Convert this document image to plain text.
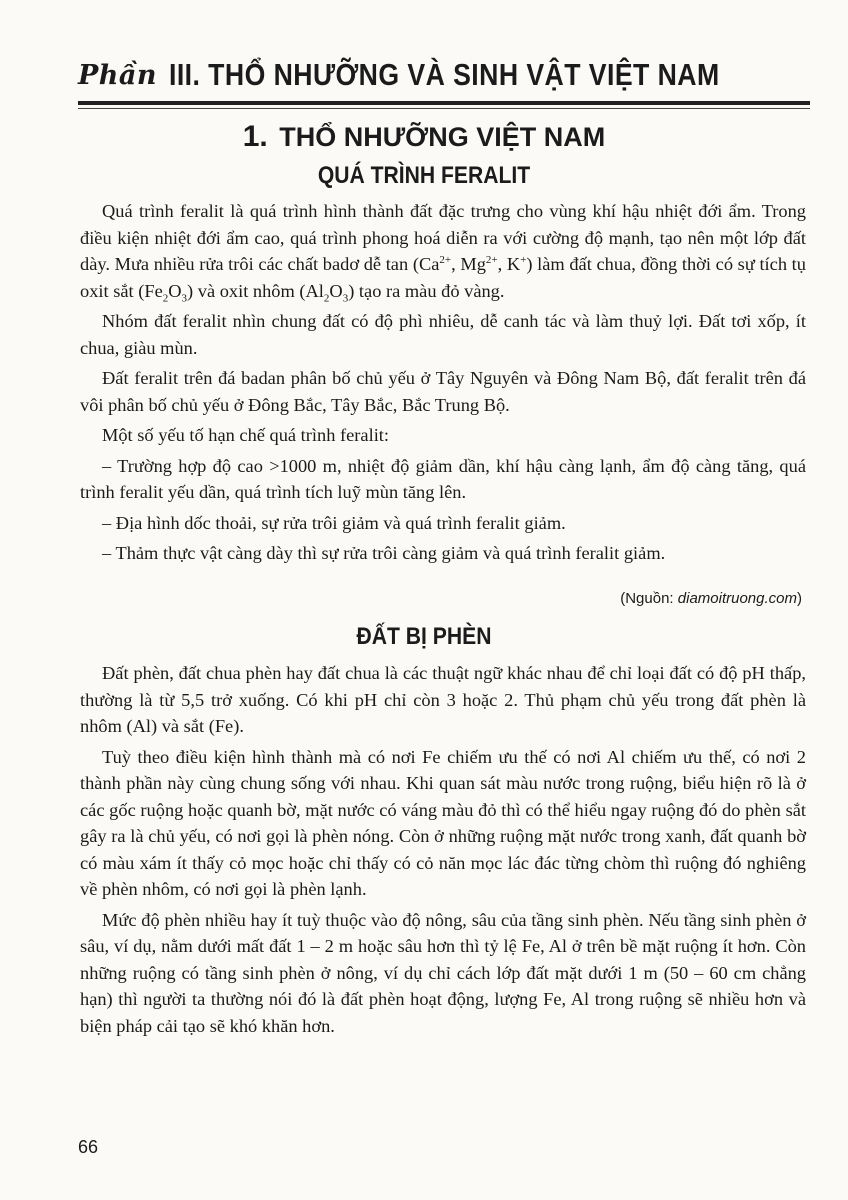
Phần III. THỔ NHƯỠNG VÀ SINH VẬT VIỆT NAM
1. THỔ NHƯỠNG VIỆT NAM
QUÁ TRÌNH FERALIT

Quá trình feralit là quá trình hình thành đất đặc trưng cho vùng khí hậu nhiệt đới ẩm. Trong điều kiện nhiệt đới ẩm cao, quá trình phong hoá diễn ra với cường độ mạnh, tạo nên một lớp đất dày. Mưa nhiều rửa trôi các chất badơ dễ $\tan (Ca^{2+}$, $Mg^{2+}$, K+) làm đất chua, đồng thời có sự tích tụ oxit sắt $(Fe_2O_3)$ và oxit nhôm $(Al_2O_3)$ tạo ra màu đỏ vàng.

Nhóm đất feralit nhìn chung đất có độ phì nhiêu, dễ canh tác và làm thuỷ lợi. Đất tơi xốp, ít chua, giàu mùn.

Đất feralit trên đá badan phân bố chủ yếu ở Tây Nguyên và Đông Nam Bộ, đất feralit trên đá vôi phân bố chủ yếu ở Đông Bắc, Tây Bắc, Bắc Trung Bộ.

Một số yếu tố hạn chế quá trình feralit:

– Trường hợp độ cao >1000 m, nhiệt độ giảm dần, khí hậu càng lạnh, ẩm độ càng tăng, quá trình feralit yếu dần, quá trình tích luỹ mùn tăng lên.

– Địa hình dốc thoải, sự rửa trôi giảm và quá trình feralit giảm.

– Thảm thực vật càng dày thì sự rửa trôi càng giảm và quá trình feralit giảm.

(Nguồn: diamoitruong.com)
ĐẤT BỊ PHÈN

Đất phèn, đất chua phèn hay đất chua là các thuật ngữ khác nhau để chỉ loại đất có độ pH thấp, thường là từ 5,5 trở xuống. Có khi pH chỉ còn 3 hoặc 2. Thủ phạm chủ yếu trong đất phèn là nhôm (Al) và sắt (Fe).

Tuỳ theo điều kiện hình thành mà có nơi Fe chiếm ưu thế có nơi Al chiếm ưu thế, có nơi 2 thành phần này cùng chung sống với nhau. Khi quan sát màu nước trong ruộng, biểu hiện rõ là ở các gốc ruộng hoặc quanh bờ, mặt nước có váng màu đỏ thì có thể hiểu ngay ruộng đó do phèn sắt gây ra là chủ yếu, có nơi gọi là phèn nóng. Còn ở những ruộng mặt nước trong xanh, đất quanh bờ có màu xám ít thấy cỏ mọc hoặc chỉ thấy có cỏ năn mọc lác đác từng chòm thì ruộng đó nghiêng về phèn nhôm, có nơi gọi là phèn lạnh.

Mức độ phèn nhiều hay ít tuỳ thuộc vào độ nông, sâu của tầng sinh phèn. Nếu tầng sinh phèn ở sâu, ví dụ, nằm dưới mất đất 1 – 2 m hoặc sâu hơn thì tỷ lệ Fe, Al ở trên bề mặt ruộng ít hơn. Còn những ruộng có tầng sinh phèn ở nông, ví dụ chỉ cách lớp đất mặt dưới 1 m (50 – 60 cm chẳng hạn) thì người ta thường nói đó là đất phèn hoạt động, lượng Fe, Al trong ruộng sẽ nhiều hơn và biện pháp cải tạo sẽ khó khăn hơn.

66
